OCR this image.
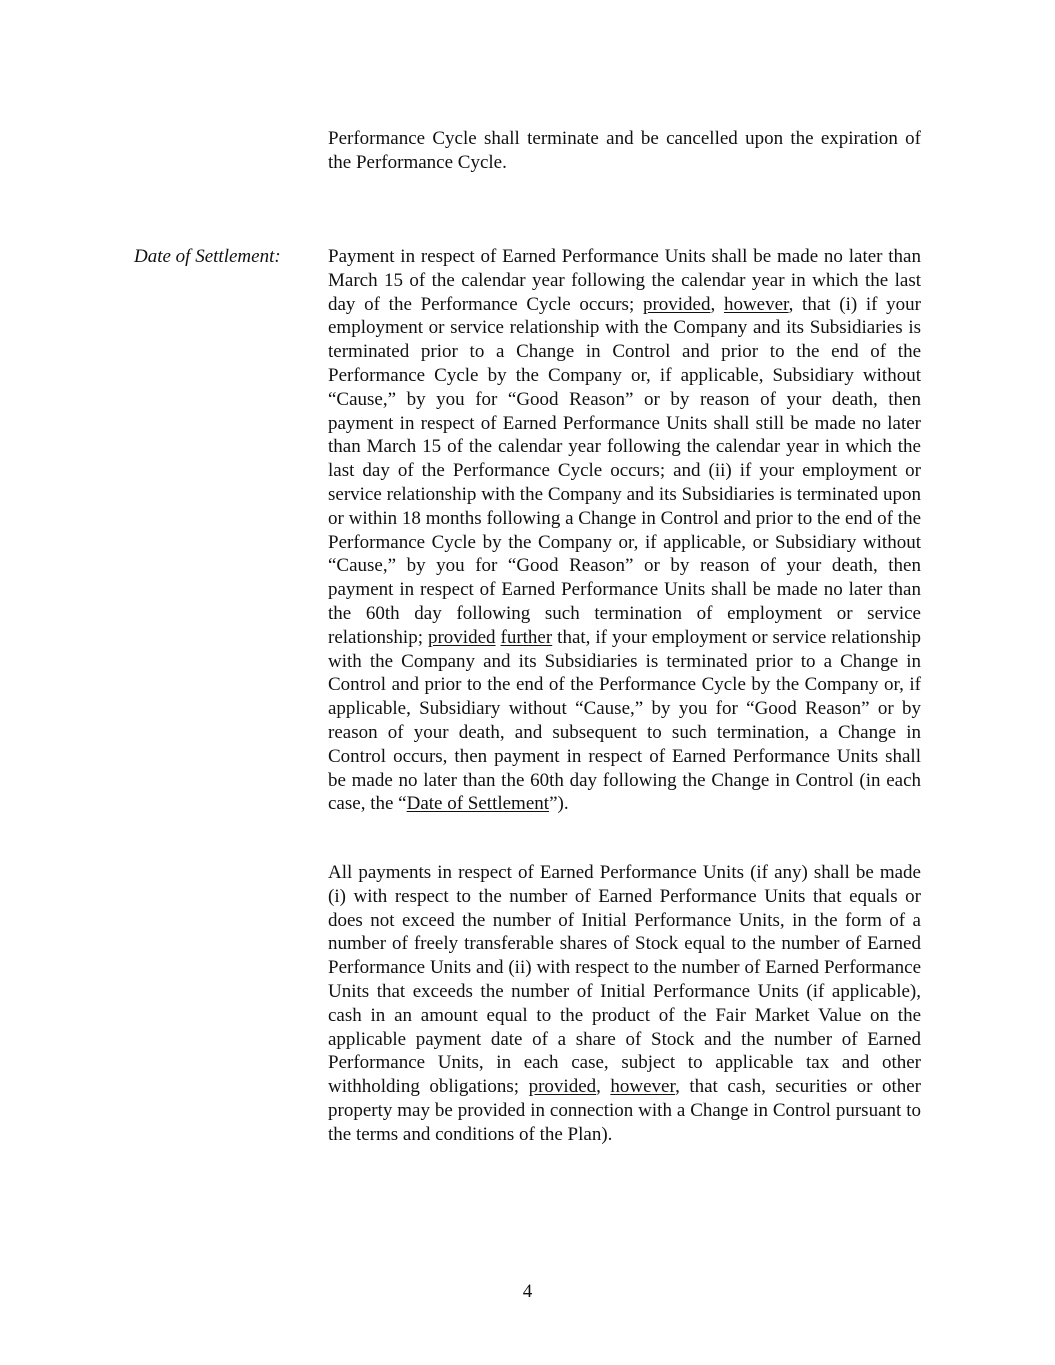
Performance Cycle shall terminate and be cancelled upon the expiration of the Performance Cycle.

Date of Settlement: Payment in respect of Earned Performance Units shall be made no later than March 15 of the calendar year following the calendar year in which the last day of the Performance Cycle occurs; provided, however, that (i) if your employment or service relationship with the Company and its Subsidiaries is terminated prior to a Change in Control and prior to the end of the Performance Cycle by the Company or, if applicable, Subsidiary without “Cause,” by you for “Good Reason” or by reason of your death, then payment in respect of Earned Performance Units shall still be made no later than March 15 of the calendar year following the calendar year in which the last day of the Performance Cycle occurs; and (ii) if your employment or service relationship with the Company and its Subsidiaries is terminated upon or within 18 months following a Change in Control and prior to the end of the Performance Cycle by the Company or, if applicable, or Subsidiary without “Cause,” by you for “Good Reason” or by reason of your death, then payment in respect of Earned Performance Units shall be made no later than the 60th day following such termination of employment or service relationship; provided further that, if your employment or service relationship with the Company and its Subsidiaries is terminated prior to a Change in Control and prior to the end of the Performance Cycle by the Company or, if applicable, Subsidiary without “Cause,” by you for “Good Reason” or by reason of your death, and subsequent to such termination, a Change in Control occurs, then payment in respect of Earned Performance Units shall be made no later than the 60th day following the Change in Control (in each case, the “Date of Settlement”).

All payments in respect of Earned Performance Units (if any) shall be made (i) with respect to the number of Earned Performance Units that equals or does not exceed the number of Initial Performance Units, in the form of a number of freely transferable shares of Stock equal to the number of Earned Performance Units and (ii) with respect to the number of Earned Performance Units that exceeds the number of Initial Performance Units (if applicable), cash in an amount equal to the product of the Fair Market Value on the applicable payment date of a share of Stock and the number of Earned Performance Units, in each case, subject to applicable tax and other withholding obligations; provided, however, that cash, securities or other property may be provided in connection with a Change in Control pursuant to the terms and conditions of the Plan).

4
